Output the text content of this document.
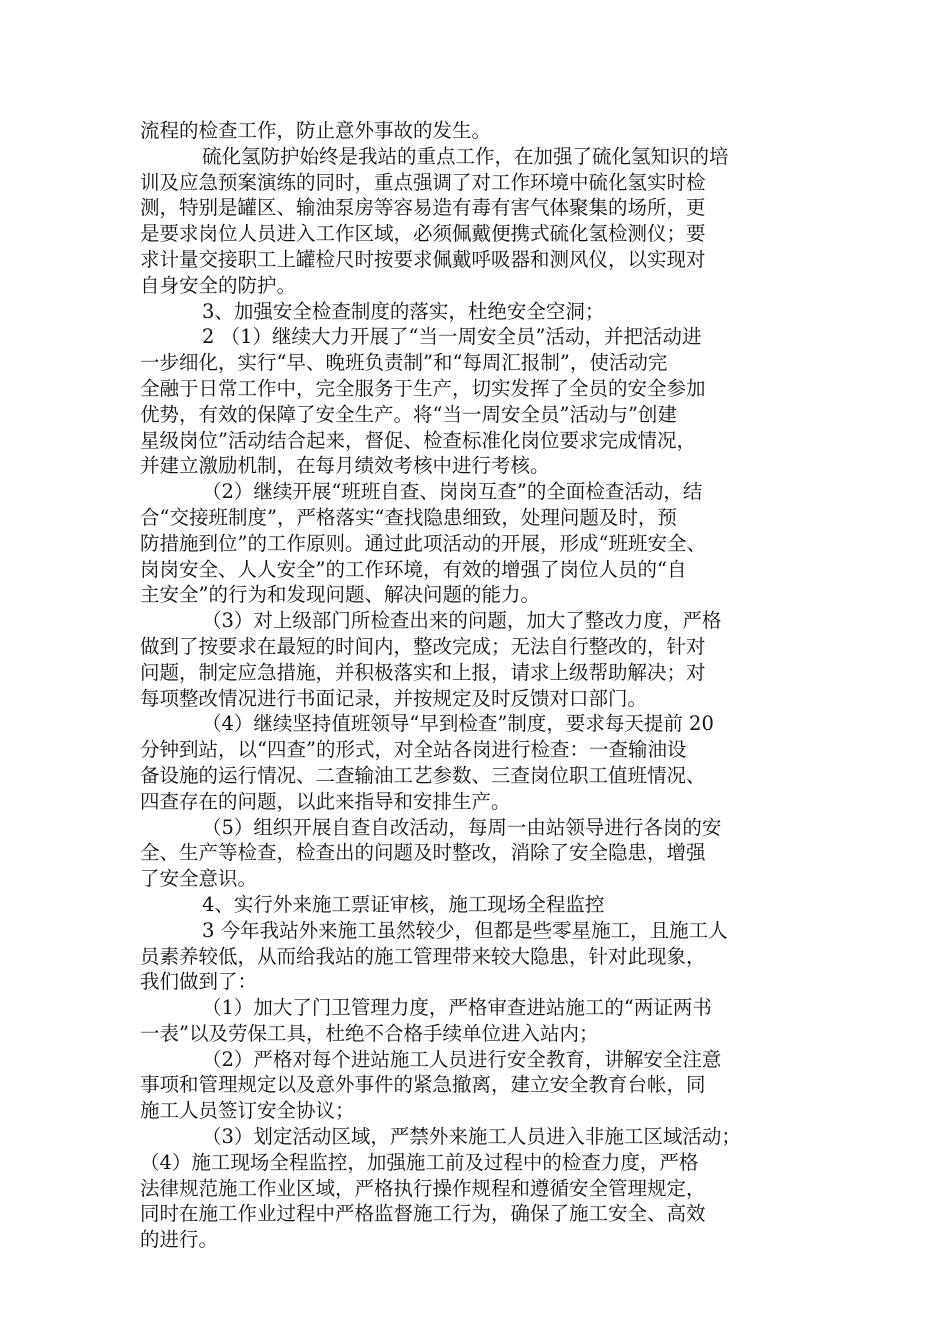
流程的检查工作，防止意外事故的发生。
硫化氢防护始终是我站的重点工作，在加强了硫化氢知识的培
训及应急预案演练的同时，重点强调了对工作环境中硫化氢实时检
测，特别是罐区、输油泵房等容易造有毒有害气体聚集的场所，更
是要求岗位人员进入工作区域，必须佩戴便携式硫化氢检测仪；要
求计量交接职工上罐检尺时按要求佩戴呼吸器和测风仪，以实现对
自身安全的防护。
3、加强安全检查制度的落实，杜绝安全空洞；
2 （1）继续大力开展了“当一周安全员”活动，并把活动进
一步细化，实行“早、晚班负责制”和“每周汇报制”，使活动完
全融于日常工作中，完全服务于生产，切实发挥了全员的安全参加
优势，有效的保障了安全生产。将“当一周安全员”活动与”创建
星级岗位”活动结合起来，督促、检查标准化岗位要求完成情况，
并建立激励机制，在每月绩效考核中进行考核。
（2）继续开展“班班自查、岗岗互查”的全面检查活动，结
合“交接班制度”，严格落实“查找隐患细致，处理问题及时，预
防措施到位”的工作原则。通过此项活动的开展，形成“班班安全、
岗岗安全、人人安全”的工作环境，有效的增强了岗位人员的“自
主安全”的行为和发现问题、解决问题的能力。
（3）对上级部门所检查出来的问题，加大了整改力度，严格
做到了按要求在最短的时间内，整改完成；无法自行整改的，针对
问题，制定应急措施，并积极落实和上报，请求上级帮助解决；对
每项整改情况进行书面记录，并按规定及时反馈对口部门。
（4）继续坚持值班领导“早到检查”制度，要求每天提前 20
分钟到站，以“四查”的形式，对全站各岗进行检查：一查输油设
备设施的运行情况、二查输油工艺参数、三查岗位职工值班情况、
四查存在的问题，以此来指导和安排生产。
（5）组织开展自查自改活动，每周一由站领导进行各岗的安
全、生产等检查，检查出的问题及时整改，消除了安全隐患，增强
了安全意识。
4、实行外来施工票证审核，施工现场全程监控
3 今年我站外来施工虽然较少，但都是些零星施工，且施工人
员素养较低，从而给我站的施工管理带来较大隐患，针对此现象，
我们做到了：
（1）加大了门卫管理力度，严格审查进站施工的“两证两书
一表”以及劳保工具，杜绝不合格手续单位进入站内；
（2）严格对每个进站施工人员进行安全教育，讲解安全注意
事项和管理规定以及意外事件的紧急撤离，建立安全教育台帐，同
施工人员签订安全协议；
（3）划定活动区域，严禁外来施工人员进入非施工区域活动；
（4）施工现场全程监控，加强施工前及过程中的检查力度，严格
法律规范施工作业区域，严格执行操作规程和遵循安全管理规定，
同时在施工作业过程中严格监督施工行为，确保了施工安全、高效
的进行。
